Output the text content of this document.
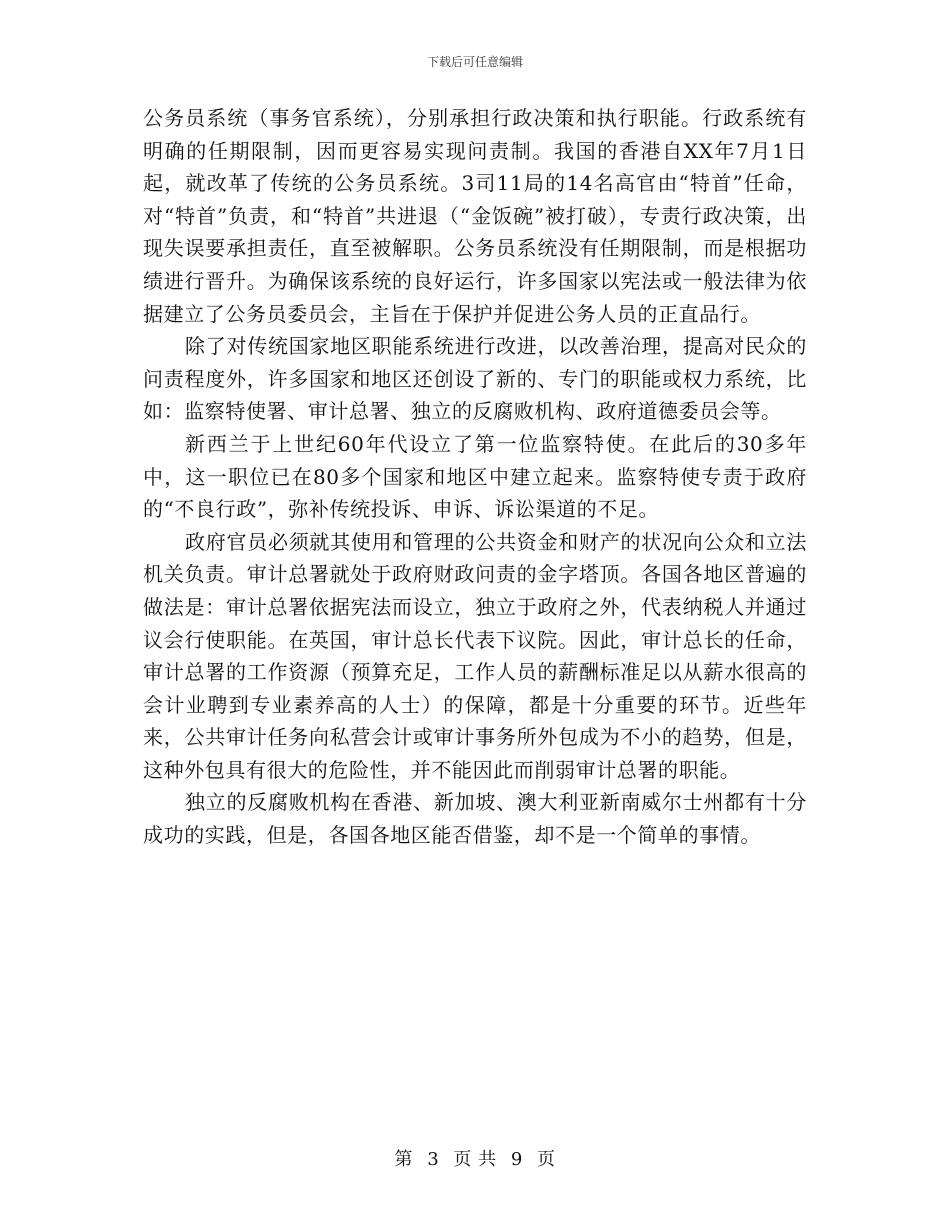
下载后可任意编辑

公务员系统（事务官系统），分别承担行政决策和执行职能。行政系统有明确的任期限制，因而更容易实现问责制。我国的香港自XX年7月1日起，就改革了传统的公务员系统。3司11局的14名高官由“特首”任命，对“特首”负责，和“特首”共进退（“金饭碗”被打破），专责行政决策，出现失误要承担责任，直至被解职。公务员系统没有任期限制，而是根据功绩进行晋升。为确保该系统的良好运行，许多国家以宪法或一般法律为依据建立了公务员委员会，主旨在于保护并促进公务人员的正直品行。

除了对传统国家地区职能系统进行改进，以改善治理，提高对民众的问责程度外，许多国家和地区还创设了新的、专门的职能或权力系统，比如：监察特使署、审计总署、独立的反腐败机构、政府道德委员会等。

新西兰于上世纪60年代设立了第一位监察特使。在此后的30多年中，这一职位已在80多个国家和地区中建立起来。监察特使专责于政府的“不良行政”，弥补传统投诉、申诉、诉讼渠道的不足。

政府官员必须就其使用和管理的公共资金和财产的状况向公众和立法机关负责。审计总署就处于政府财政问责的金字塔顶。各国各地区普遍的做法是：审计总署依据宪法而设立，独立于政府之外，代表纳税人并通过议会行使职能。在英国，审计总长代表下议院。因此，审计总长的任命，审计总署的工作资源（预算充足，工作人员的薪酬标准足以从薪水很高的会计业聘到专业素养高的人士）的保障，都是十分重要的环节。近些年来，公共审计任务向私营会计或审计事务所外包成为不小的趋势，但是，这种外包具有很大的危险性，并不能因此而削弱审计总署的职能。

独立的反腐败机构在香港、新加坡、澳大利亚新南威尔士州都有十分成功的实践，但是，各国各地区能否借鉴，却不是一个简单的事情。

第 3 页 共 9 页
